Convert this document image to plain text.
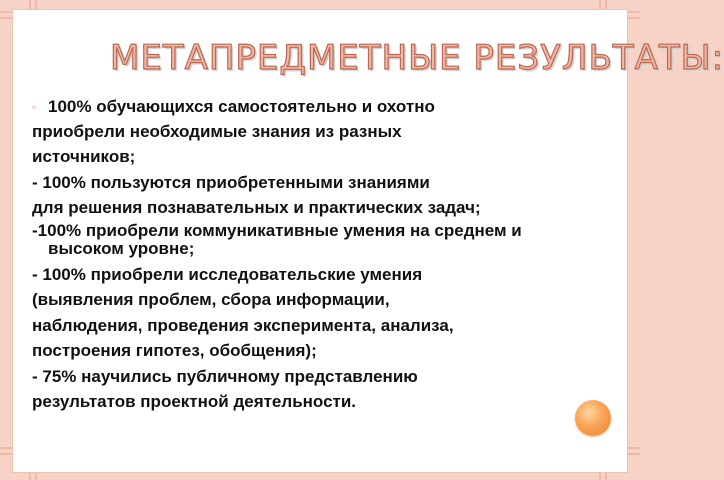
МЕТАПРЕДМЕТНЫЕ РЕЗУЛЬТАТЫ:
▫ 100% обучающихся самостоятельно и охотно
приобрели необходимые знания из разных
источников;
- 100% пользуются приобретенными знаниями
для решения познавательных и практических задач;
-100% приобрели коммуникативные умения на среднем и
высоком уровне;
- 100% приобрели исследовательские умения
(выявления проблем, сбора информации,
наблюдения, проведения эксперимента, анализа,
построения гипотез, обобщения);
- 75% научились публичному представлению
результатов проектной деятельности.
